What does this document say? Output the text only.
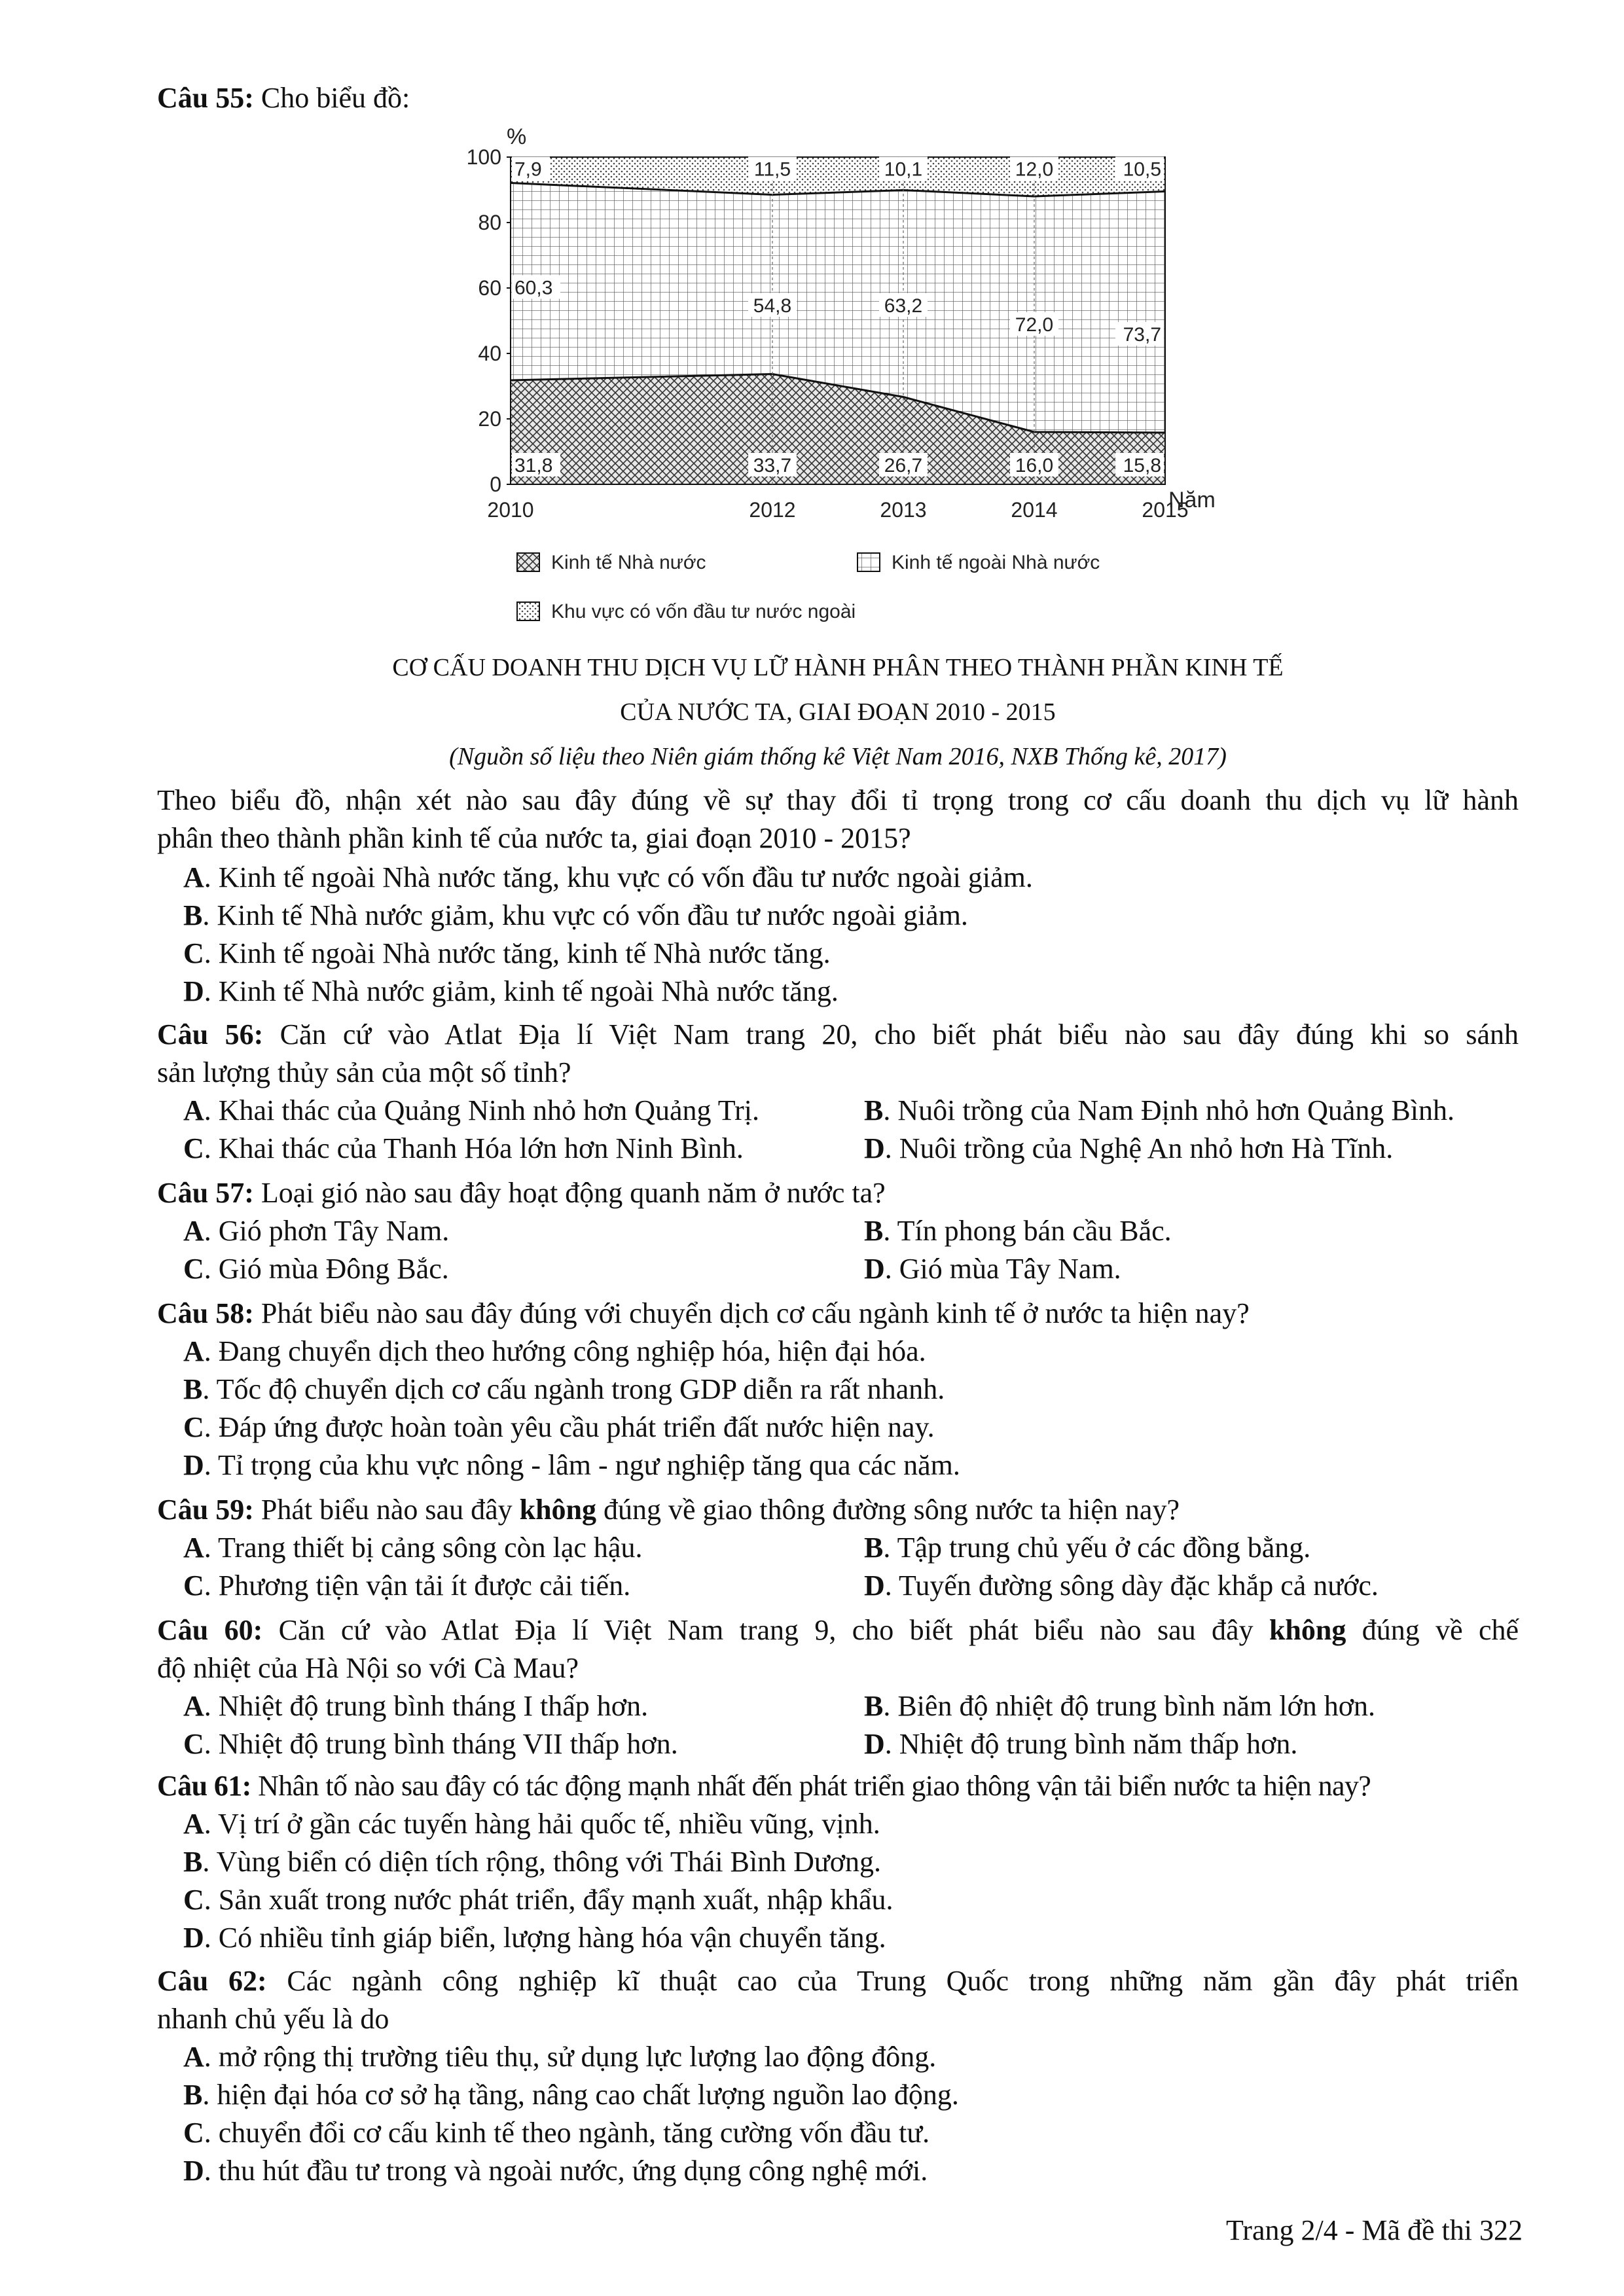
Câu 55: Cho biểu đồ:
0
20
40
60
80
100
2010	2012	2013	2014	2015
31,8	33,7	26,7	16,0	15,8
60,3
54,8	63,2
72,0	73,7
7,9	11,5	10,1	12,0	10,5
%
Năm
Kinh tế Nhà nước	Kinh tế ngoài Nhà nước
Khu vực có vốn đầu tư nước ngoài
CƠ CẤU DOANH THU DỊCH VỤ LỮ HÀNH PHÂN THEO THÀNH PHẦN KINH TẾ
CỦA NƯỚC TA, GIAI ĐOẠN 2010 - 2015
(Nguồn số liệu theo Niên giám thống kê Việt Nam 2016, NXB Thống kê, 2017)
Theo biểu đồ, nhận xét nào sau đây đúng về sự thay đổi tỉ trọng trong cơ cấu doanh thu dịch vụ lữ hành
phân theo thành phần kinh tế của nước ta, giai đoạn 2010 - 2015?
A. Kinh tế ngoài Nhà nước tăng, khu vực có vốn đầu tư nước ngoài giảm.
B. Kinh tế Nhà nước giảm, khu vực có vốn đầu tư nước ngoài giảm.
C. Kinh tế ngoài Nhà nước tăng, kinh tế Nhà nước tăng.
D. Kinh tế Nhà nước giảm, kinh tế ngoài Nhà nước tăng.
Câu 56: Căn cứ vào Atlat Địa lí Việt Nam trang 20, cho biết phát biểu nào sau đây đúng khi so sánh
sản lượng thủy sản của một số tỉnh?
A. Khai thác của Quảng Ninh nhỏ hơn Quảng Trị.	B. Nuôi trồng của Nam Định nhỏ hơn Quảng Bình.
C. Khai thác của Thanh Hóa lớn hơn Ninh Bình.	D. Nuôi trồng của Nghệ An nhỏ hơn Hà Tĩnh.
Câu 57: Loại gió nào sau đây hoạt động quanh năm ở nước ta?
A. Gió phơn Tây Nam.	B. Tín phong bán cầu Bắc.
C. Gió mùa Đông Bắc.	D. Gió mùa Tây Nam.
Câu 58: Phát biểu nào sau đây đúng với chuyển dịch cơ cấu ngành kinh tế ở nước ta hiện nay?
A. Đang chuyển dịch theo hướng công nghiệp hóa, hiện đại hóa.
B. Tốc độ chuyển dịch cơ cấu ngành trong GDP diễn ra rất nhanh.
C. Đáp ứng được hoàn toàn yêu cầu phát triển đất nước hiện nay.
D. Tỉ trọng của khu vực nông - lâm - ngư nghiệp tăng qua các năm.
Câu 59: Phát biểu nào sau đây không đúng về giao thông đường sông nước ta hiện nay?
A. Trang thiết bị cảng sông còn lạc hậu.	B. Tập trung chủ yếu ở các đồng bằng.
C. Phương tiện vận tải ít được cải tiến.	D. Tuyến đường sông dày đặc khắp cả nước.
Câu 60: Căn cứ vào Atlat Địa lí Việt Nam trang 9, cho biết phát biểu nào sau đây không đúng về chế
độ nhiệt của Hà Nội so với Cà Mau?
A. Nhiệt độ trung bình tháng I thấp hơn.	B. Biên độ nhiệt độ trung bình năm lớn hơn.
C. Nhiệt độ trung bình tháng VII thấp hơn.	D. Nhiệt độ trung bình năm thấp hơn.
Câu 61: Nhân tố nào sau đây có tác động mạnh nhất đến phát triển giao thông vận tải biển nước ta hiện nay?
A. Vị trí ở gần các tuyến hàng hải quốc tế, nhiều vũng, vịnh.
B. Vùng biển có diện tích rộng, thông với Thái Bình Dương.
C. Sản xuất trong nước phát triển, đẩy mạnh xuất, nhập khẩu.
D. Có nhiều tỉnh giáp biển, lượng hàng hóa vận chuyển tăng.
Câu 62: Các ngành công nghiệp kĩ thuật cao của Trung Quốc trong những năm gần đây phát triển
nhanh chủ yếu là do
A. mở rộng thị trường tiêu thụ, sử dụng lực lượng lao động đông.
B. hiện đại hóa cơ sở hạ tầng, nâng cao chất lượng nguồn lao động.
C. chuyển đổi cơ cấu kinh tế theo ngành, tăng cường vốn đầu tư.
D. thu hút đầu tư trong và ngoài nước, ứng dụng công nghệ mới.
Trang 2/4 - Mã đề thi 322
